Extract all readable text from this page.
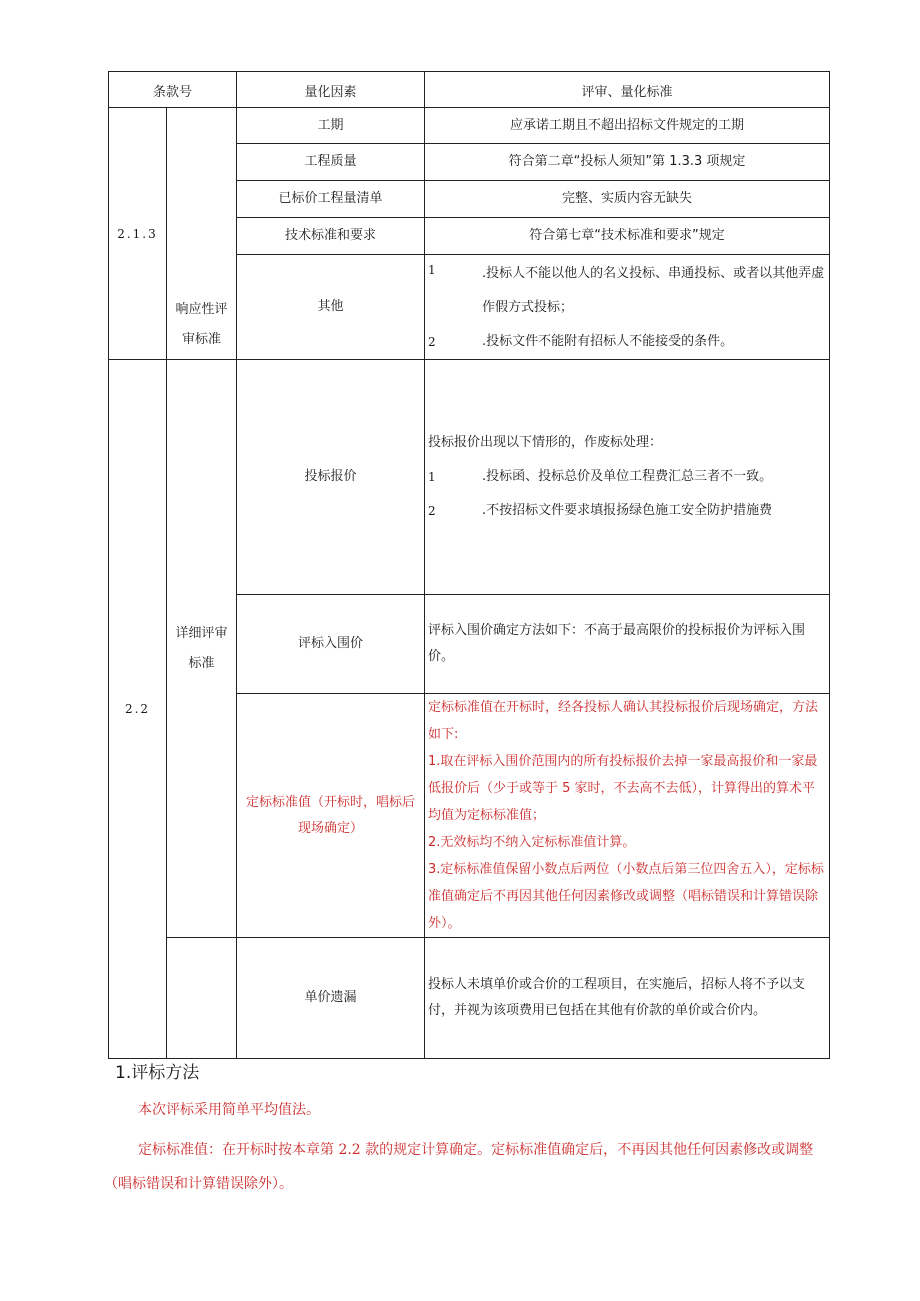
条款号		量化因素	评审、量化标准
2.1.3	响应性评审标准	工期	应承诺工期且不超出招标文件规定的工期
		工程质量	符合第二章“投标人须知”第 1.3.3 项规定
		已标价工程量清单	完整、实质内容无缺失
		技术标准和要求	符合第七章“技术标准和要求”规定
		其他	1 .投标人不能以他人的名义投标、串通投标、或者以其他弄虚作假方式投标；
2 .投标文件不能附有招标人不能接受的条件。

2.2	详细评审标准	投标报价	投标报价出现以下情形的，作废标处理：

1 .投标函、投标总价及单位工程费汇总三者不一致。
2 .不按招标文件要求填报扬绿色施工安全防护措施费

		评标入围价	评标入围价确定方法如下：不高于最高限价的投标报价为评标入围价。
		定标标准值（开标时，唱标后现场确定）	定标标准值在开标时，经各投标人确认其投标报价后现场确定，方法如下:
1.取在评标入围价范围内的所有投标报价去掉一家最高报价和一家最低报价后（少于或等于 5 家时，不去高不去低），计算得出的算术平均值为定标标准值；
2.无效标均不纳入定标标准值计算。
3.定标标准值保留小数点后两位（小数点后第三位四舍五入），定标标准值确定后不再因其他任何因素修改或调整（唱标错误和计算错误除外）。

		单价遗漏	投标人未填单价或合价的工程项目，在实施后，招标人将不予以支付，并视为该项费用已包括在其他有价款的单价或合价内。
1.评标方法

本次评标采用简单平均值法。

定标标准值：在开标时按本章第 2.2 款的规定计算确定。定标标准值确定后，不再因其他任何因素修改或调整（唱标错误和计算错误除外）。
